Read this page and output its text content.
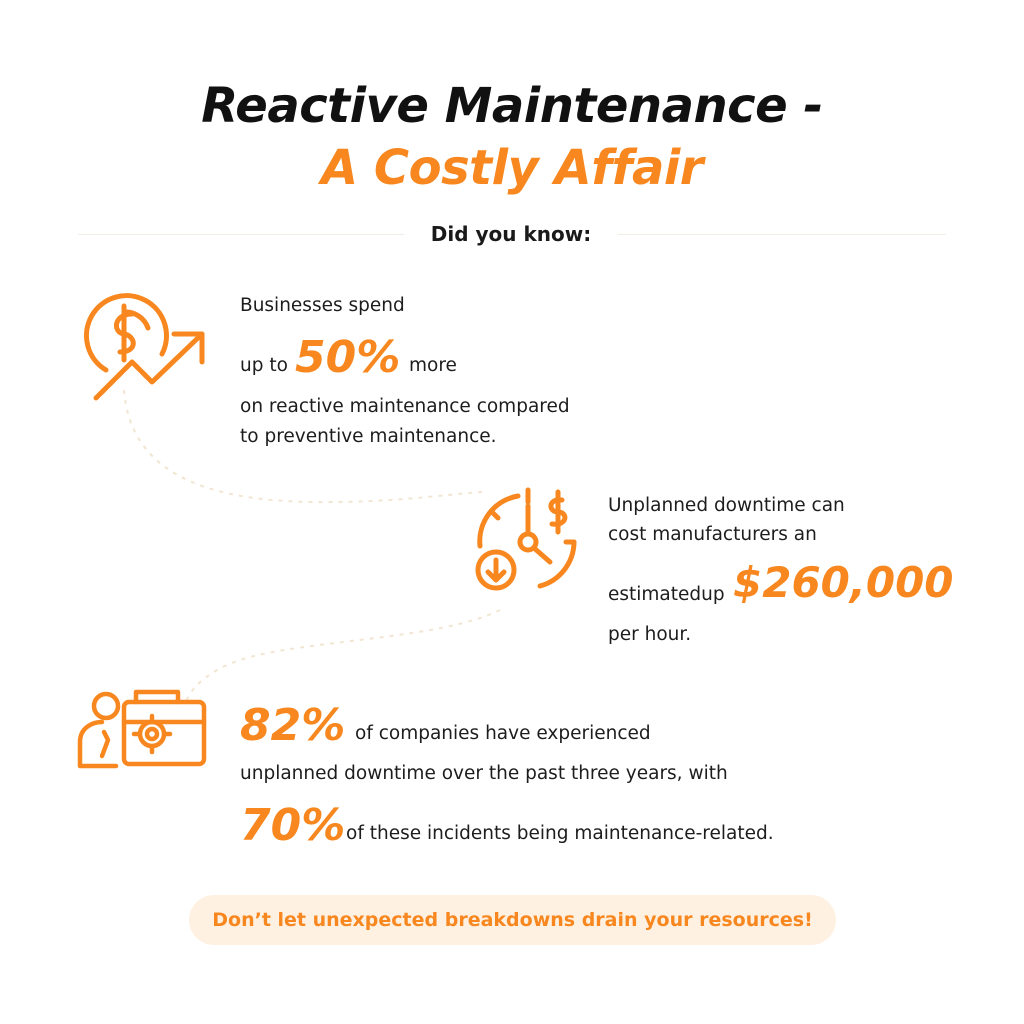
Reactive Maintenance -
A Costly Affair
Did you know:
Businesses spend
up to 50% more
on reactive maintenance compared
to preventive maintenance.
Unplanned downtime can
cost manufacturers an
estimatedup $260,000
per hour.
82% of companies have experienced
unplanned downtime over the past three years, with
70% of these incidents being maintenance-related.
Don’t let unexpected breakdowns drain your resources!
